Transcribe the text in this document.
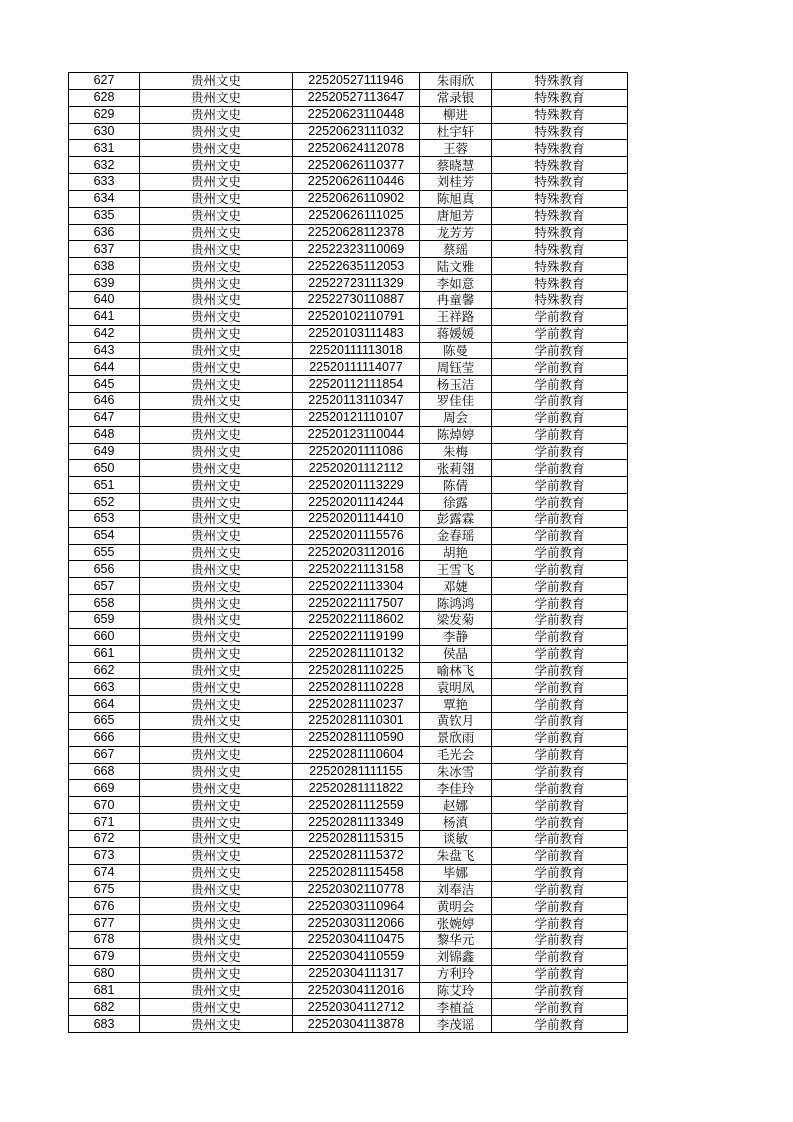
627	贵州文史	22520527111946	朱雨欣	特殊教育
628	贵州文史	22520527113647	常录银	特殊教育
629	贵州文史	22520623110448	柳进	特殊教育
630	贵州文史	22520623111032	杜宇轩	特殊教育
631	贵州文史	22520624112078	王蓉	特殊教育
632	贵州文史	22520626110377	蔡晓慧	特殊教育
633	贵州文史	22520626110446	刘桂芳	特殊教育
634	贵州文史	22520626110902	陈旭真	特殊教育
635	贵州文史	22520626111025	唐旭芳	特殊教育
636	贵州文史	22520628112378	龙芳芳	特殊教育
637	贵州文史	22522323110069	蔡瑶	特殊教育
638	贵州文史	22522635112053	陆文雅	特殊教育
639	贵州文史	22522723111329	李如意	特殊教育
640	贵州文史	22522730110887	冉童馨	特殊教育
641	贵州文史	22520102110791	王祥路	学前教育
642	贵州文史	22520103111483	蒋媛媛	学前教育
643	贵州文史	22520111113018	陈曼	学前教育
644	贵州文史	22520111114077	周钰莹	学前教育
645	贵州文史	22520112111854	杨玉洁	学前教育
646	贵州文史	22520113110347	罗佳佳	学前教育
647	贵州文史	22520121110107	周会	学前教育
648	贵州文史	22520123110044	陈焯婷	学前教育
649	贵州文史	22520201111086	朱梅	学前教育
650	贵州文史	22520201112112	张莉翎	学前教育
651	贵州文史	22520201113229	陈倩	学前教育
652	贵州文史	22520201114244	徐露	学前教育
653	贵州文史	22520201114410	彭露霖	学前教育
654	贵州文史	22520201115576	金春瑶	学前教育
655	贵州文史	22520203112016	胡艳	学前教育
656	贵州文史	22520221113158	王雪飞	学前教育
657	贵州文史	22520221113304	邓婕	学前教育
658	贵州文史	22520221117507	陈鸿鸿	学前教育
659	贵州文史	22520221118602	梁发菊	学前教育
660	贵州文史	22520221119199	李静	学前教育
661	贵州文史	22520281110132	侯晶	学前教育
662	贵州文史	22520281110225	喻林飞	学前教育
663	贵州文史	22520281110228	袁明凤	学前教育
664	贵州文史	22520281110237	覃艳	学前教育
665	贵州文史	22520281110301	黄钦月	学前教育
666	贵州文史	22520281110590	景欣雨	学前教育
667	贵州文史	22520281110604	毛光会	学前教育
668	贵州文史	22520281111155	朱冰雪	学前教育
669	贵州文史	22520281111822	李佳玲	学前教育
670	贵州文史	22520281112559	赵娜	学前教育
671	贵州文史	22520281113349	杨滇	学前教育
672	贵州文史	22520281115315	谈敏	学前教育
673	贵州文史	22520281115372	朱盘飞	学前教育
674	贵州文史	22520281115458	毕娜	学前教育
675	贵州文史	22520302110778	刘奉洁	学前教育
676	贵州文史	22520303110964	黄明会	学前教育
677	贵州文史	22520303112066	张婉婷	学前教育
678	贵州文史	22520304110475	黎华元	学前教育
679	贵州文史	22520304110559	刘锦鑫	学前教育
680	贵州文史	22520304111317	方利玲	学前教育
681	贵州文史	22520304112016	陈艾玲	学前教育
682	贵州文史	22520304112712	李植益	学前教育
683	贵州文史	22520304113878	李茂谣	学前教育
